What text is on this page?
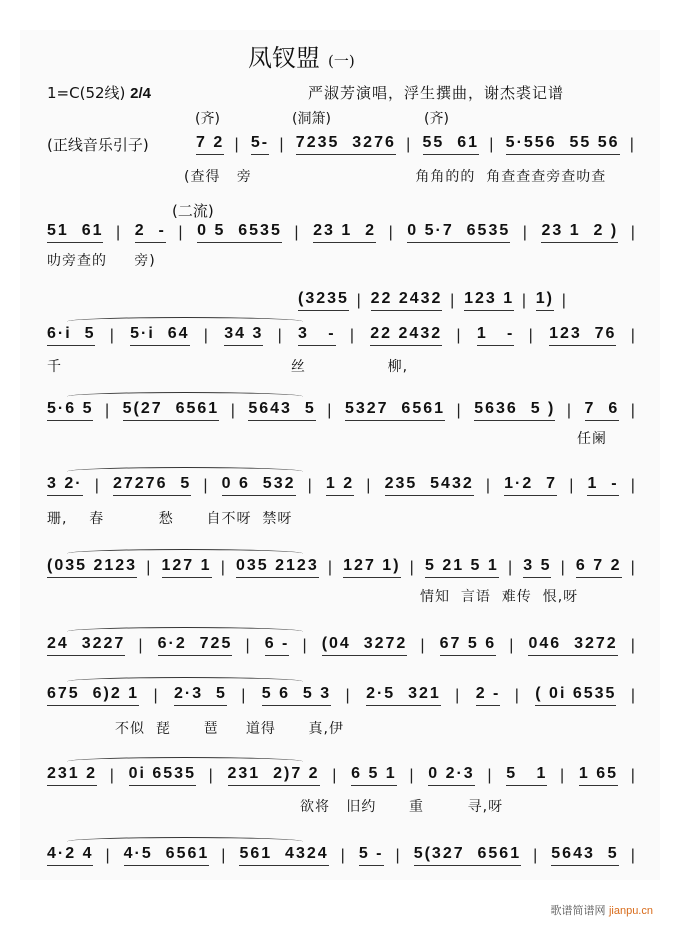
凤钗盟 (一)
1=C(52线) 2/4	严淑芳演唱，浮生撰曲，谢杰裘记谱
(齐)	(洞箫)	(齐)
(正线音乐引子)
(二流)
7 2 | 5- | 7235  3276 | 55  61 | 5·556  55 56 |
(查得   旁                              角角的的  角查查查旁查叻查
51  61 | 2  - | 0 5  6535 | 23 1  2 | 0 5·7  6535 | 23 1  2 ) |
叻旁查的     旁)
(3235 | 22 2432 | 123 1 | 1) |
6·i  5 | 5·i  64 | 34 3 | 3   - | 22 2432 | 1   - | 123  76 |
千                                          丝               柳,
5·6 5 | 5(27  6561 | 5643  5 | 5327  6561 | 5636  5 ) | 7  6 |
任阑
3 2· | 27276  5 | 0 6  532 | 1 2 | 235  5432 | 1·2  7 | 1  - |
珊,    春          愁      自不呀  禁呀
(035 2123 | 127 1 | 035 2123 | 127 1) | 5 21 5 1 | 3 5 | 6 7 2 |
情知  言语  难传  恨,呀
24  3227 | 6·2  725 | 6 - | (04  3272 | 67 5 6 | 046  3272 |
675  6)2 1 | 2·3  5 | 5 6  5 3 | 2·5  321 | 2 - | ( 0i 6535 |
不似  琵      琶     道得      真,伊
231 2 | 0i 6535 | 231  2)7 2 | 6 5 1 | 0 2·3 | 5   1 | 1 65 |
欲将   旧约      重        寻,呀
4·2 4 | 4·5  6561 | 561  4324 | 5 - | 5(327  6561 | 5643  5 |
歌谱简谱网 jianpu.cn
